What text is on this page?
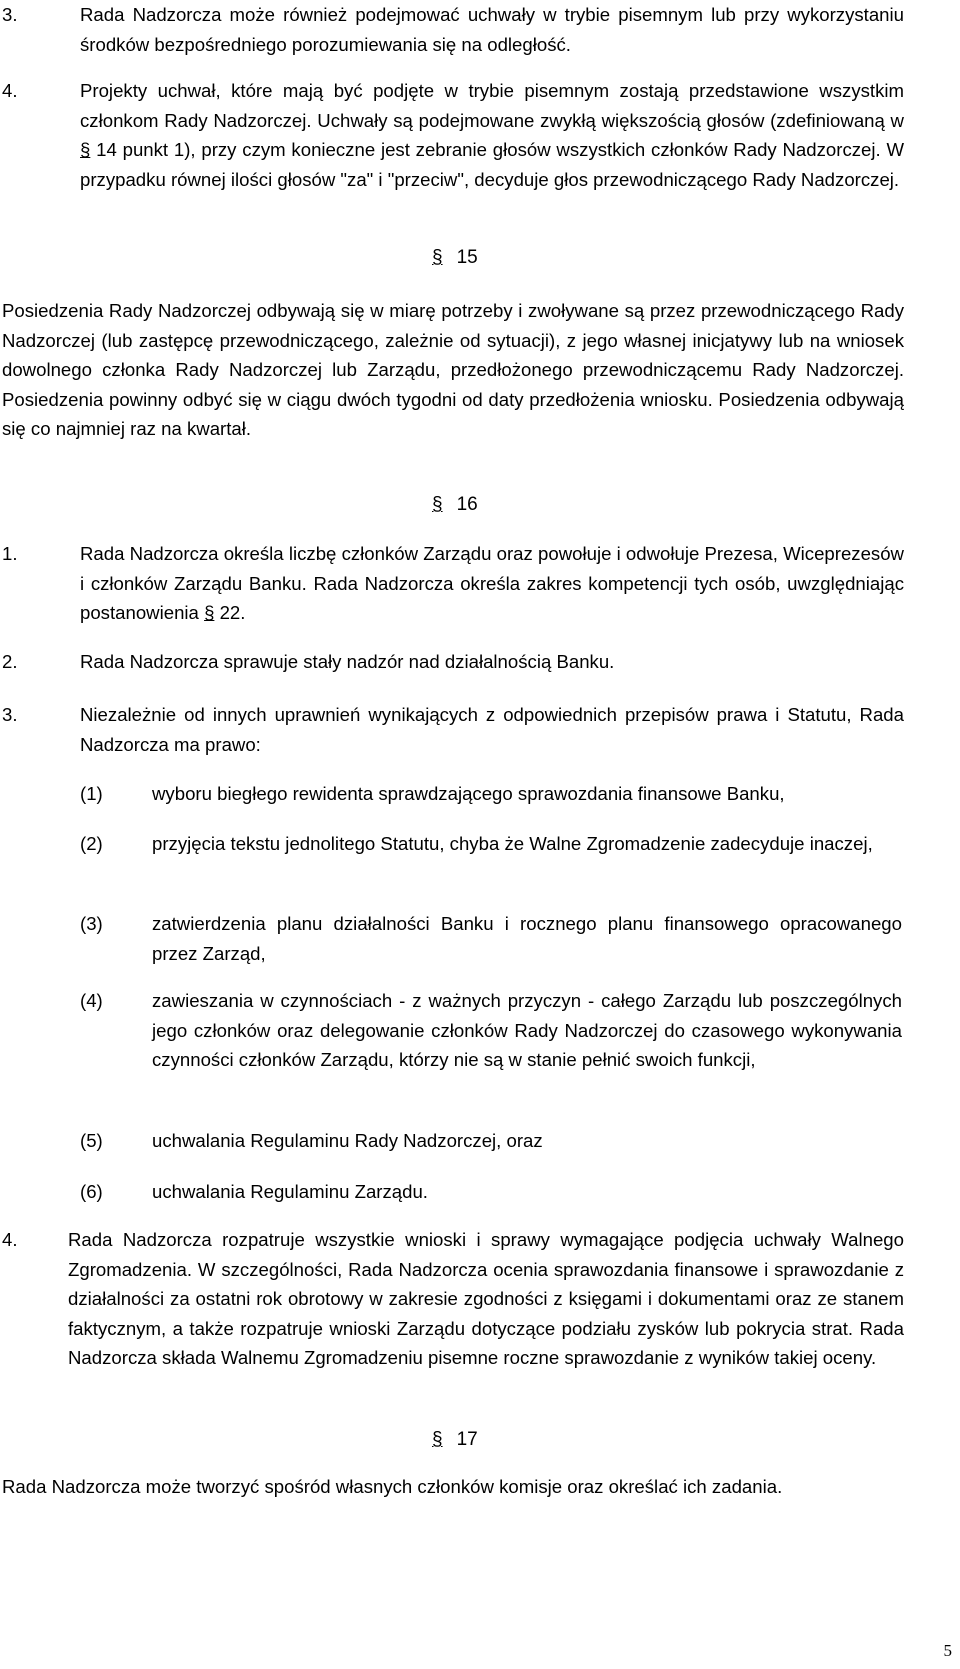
3.	Rada Nadzorcza może również podejmować uchwały w trybie pisemnym lub przy wykorzystaniu środków bezpośredniego porozumiewania się na odległość.
4.	Projekty uchwał, które mają być podjęte w trybie pisemnym zostają przedstawione wszystkim członkom Rady Nadzorczej. Uchwały są podejmowane zwykłą większością głosów (zdefiniowaną w § 14 punkt 1), przy czym konieczne jest zebranie głosów wszystkich członków Rady Nadzorczej. W przypadku równej ilości głosów "za" i "przeciw", decyduje głos przewodniczącego Rady Nadzorczej.
§ 15
Posiedzenia Rady Nadzorczej odbywają się w miarę potrzeby i zwoływane są przez przewodniczącego Rady Nadzorczej (lub zastępcę przewodniczącego, zależnie od sytuacji), z jego własnej inicjatywy lub na wniosek dowolnego członka Rady Nadzorczej lub Zarządu, przedłożonego przewodniczącemu Rady Nadzorczej. Posiedzenia powinny odbyć się w ciągu dwóch tygodni od daty przedłożenia wniosku. Posiedzenia odbywają się co najmniej raz na kwartał.
§ 16
1.	Rada Nadzorcza określa liczbę członków Zarządu oraz powołuje i odwołuje Prezesa, Wiceprezesów i członków Zarządu Banku. Rada Nadzorcza określa zakres kompetencji tych osób, uwzględniając postanowienia § 22.
2.	Rada Nadzorcza sprawuje stały nadzór nad działalnością Banku.
3.	Niezależnie od innych uprawnień wynikających z odpowiednich przepisów prawa i Statutu, Rada Nadzorcza ma prawo:
(1)	wyboru biegłego rewidenta sprawdzającego sprawozdania finansowe Banku,
(2)	przyjęcia tekstu jednolitego Statutu, chyba że Walne Zgromadzenie zadecyduje inaczej,
(3)	zatwierdzenia planu działalności Banku i rocznego planu finansowego opracowanego przez Zarząd,
(4)	zawieszania w czynnościach - z ważnych przyczyn - całego Zarządu lub poszczególnych jego członków oraz delegowanie członków Rady Nadzorczej do czasowego wykonywania czynności członków Zarządu, którzy nie są w stanie pełnić swoich funkcji,
(5)	uchwalania Regulaminu Rady Nadzorczej, oraz
(6)	uchwalania Regulaminu Zarządu.
4.	Rada Nadzorcza rozpatruje wszystkie wnioski i sprawy wymagające podjęcia uchwały Walnego Zgromadzenia. W szczególności, Rada Nadzorcza ocenia sprawozdania finansowe i sprawozdanie z działalności za ostatni rok obrotowy w zakresie zgodności z księgami i dokumentami oraz ze stanem faktycznym, a także rozpatruje wnioski Zarządu dotyczące podziału zysków lub pokrycia strat. Rada Nadzorcza składa Walnemu Zgromadzeniu pisemne roczne sprawozdanie z wyników takiej oceny.
§ 17
Rada Nadzorcza może tworzyć spośród własnych członków komisje oraz określać ich zadania.
5
